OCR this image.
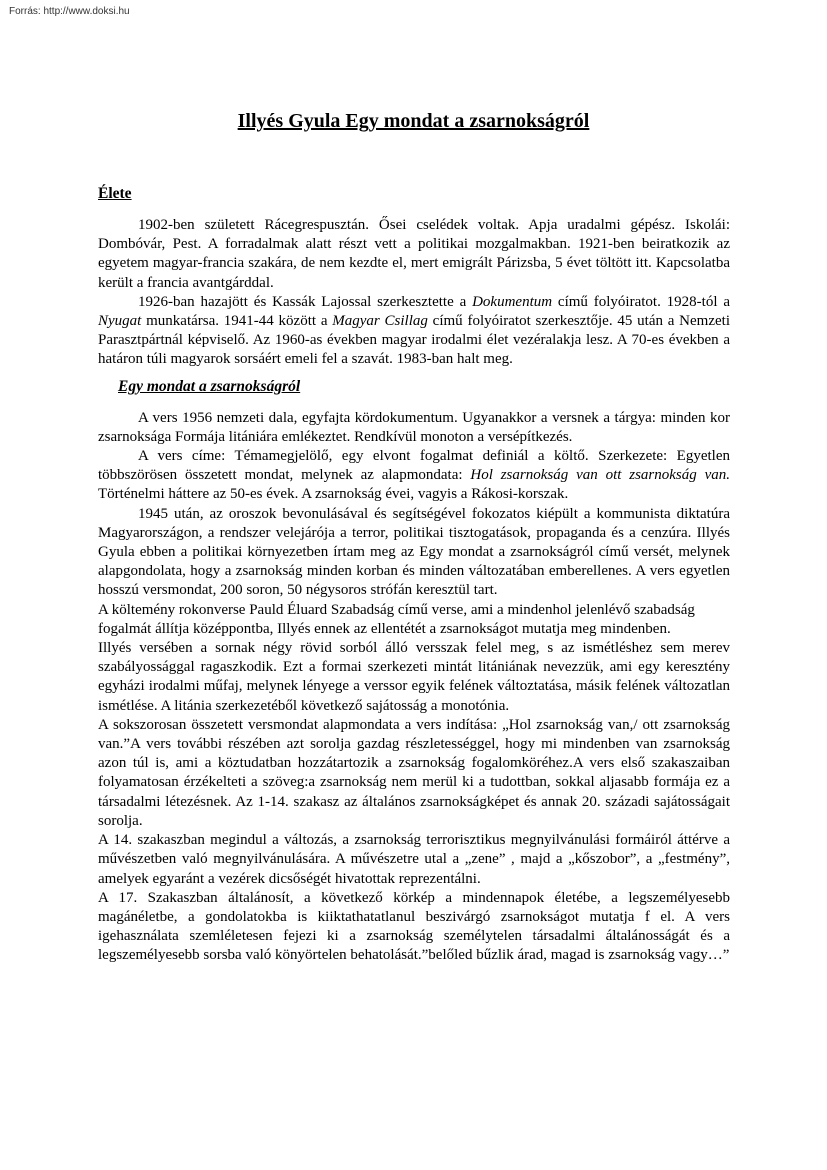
Forrás: http://www.doksi.hu
Illyés Gyula Egy mondat a zsarnokságról
Élete

1902-ben született Rácegrespusztán. Ősei cselédek voltak. Apja uradalmi gépész. Iskolái: Dombóvár, Pest. A forradalmak alatt részt vett a politikai mozgalmakban. 1921-ben beiratkozik az egyetem magyar-francia szakára, de nem kezdte el, mert emigrált Párizsba, 5 évet töltött itt. Kapcsolatba került a francia avantgárddal.

1926-ban hazajött és Kassák Lajossal szerkesztette a Dokumentum című folyóiratot. 1928-tól a Nyugat munkatársa. 1941-44 között a Magyar Csillag című folyóiratot szerkesztője. 45 után a Nemzeti Parasztpártnál képviselő. Az 1960-as években magyar irodalmi élet vezéralakja lesz. A 70-es években a határon túli magyarok sorsáért emeli fel a szavát. 1983-ban halt meg.

Egy mondat a zsarnokságról

A vers 1956 nemzeti dala, egyfajta kördokumentum. Ugyanakkor a versnek a tárgya: minden kor zsarnoksága Formája litániára emlékeztet. Rendkívül monoton a versépítkezés.

A vers címe: Témamegjelölő, egy elvont fogalmat definiál a költő. Szerkezete: Egyetlen többszörösen összetett mondat, melynek az alapmondata: Hol zsarnokság van ott zsarnokság van. Történelmi háttere az 50-es évek. A zsarnokság évei, vagyis a Rákosi-korszak.

1945 után, az oroszok bevonulásával és segítségével fokozatos kiépült a kommunista diktatúra Magyarországon, a rendszer velejárója a terror, politikai tisztogatások, propaganda és a cenzúra. Illyés Gyula ebben a politikai környezetben írtam meg az Egy mondat a zsarnokságról című versét, melynek alapgondolata, hogy a zsarnokság minden korban és minden változatában emberellenes. A vers egyetlen hosszú versmondat, 200 soron, 50 négysoros strófán keresztül tart.

A költemény rokonverse Pauld Éluard Szabadság című verse, ami a mindenhol jelenlévő szabadság fogalmát állítja középpontba, Illyés ennek az ellentétét a zsarnokságot mutatja meg mindenben.

Illyés versében a sornak négy rövid sorból álló versszak felel meg, s az ismétléshez sem merev szabályossággal ragaszkodik. Ezt a formai szerkezeti mintát litániának nevezzük, ami egy keresztény egyházi irodalmi műfaj, melynek lényege a verssor egyik felének változtatása, másik felének változatlan ismétlése. A litánia szerkezetéből következő sajátosság a monotónia.

A sokszorosan összetett versmondat alapmondata a vers indítása: „Hol zsarnokság van,/ ott zsarnokság van.”A vers további részében azt sorolja gazdag részletességgel, hogy mi mindenben van zsarnokság azon túl is, ami a köztudatban hozzátartozik a zsarnokság fogalomköréhez.A vers első szakaszaiban folyamatosan érzékelteti a szöveg:a zsarnokság nem merül ki a tudottban, sokkal aljasabb formája ez a társadalmi létezésnek. Az 1-14. szakasz az általános zsarnokságképet és annak 20. századi sajátosságait sorolja.

A 14. szakaszban megindul a változás, a zsarnokság terrorisztikus megnyilvánulási formáiról áttérve a művészetben való megnyilvánulására. A művészetre utal a „zene” , majd a „kőszobor”, a „festmény”, amelyek egyaránt a vezérek dicsőségét hivatottak reprezentálni.

A 17. Szakaszban általánosít, a következő körkép a mindennapok életébe, a legszemélyesebb magánéletbe, a gondolatokba is kiiktathatatlanul beszivárgó zsarnokságot mutatja f el. A vers igehasználata szemléletesen fejezi ki a zsarnokság személytelen társadalmi általánosságát és a legszemélyesebb sorsba való könyörtelen behatolását.”belőled bűzlik árad, magad is zsarnokság vagy…”
